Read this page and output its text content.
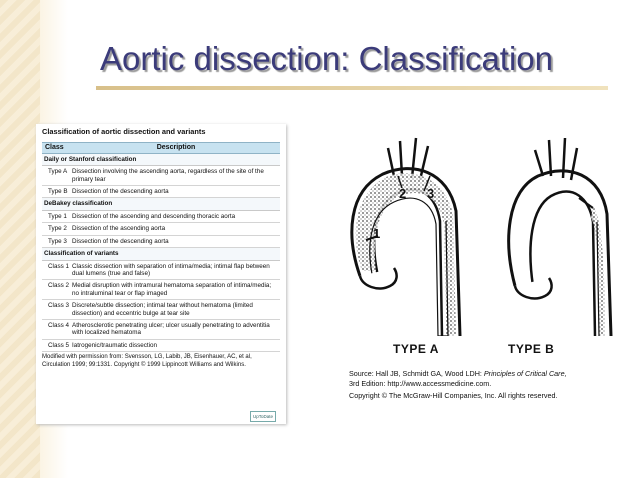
Aortic dissection: Classification
Classification of aortic dissection and variants
Class	Description
Daily or Stanford classification
Type A Dissection involving the ascending aorta, regardless of the site of the primary tear
Type B Dissection of the descending aorta
DeBakey classification
Type 1 Dissection of the ascending and descending thoracic aorta
Type 2 Dissection of the ascending aorta
Type 3 Dissection of the descending aorta
Classification of variants
Class 1 Classic dissection with separation of intima/media; intimal flap between dual lumens (true and false)
Class 2 Medial disruption with intramural hematoma separation of intima/media; no intraluminal tear or flap imaged
Class 3 Discrete/subtle dissection; intimal tear without hematoma (limited dissection) and eccentric bulge at tear site
Class 4 Atherosclerotic penetrating ulcer; ulcer usually penetrating to adventitia with localized hematoma
Class 5 Iatrogenic/traumatic dissection
Modified with permission from: Svensson, LG, Labib, JB, Eisenhauer, AC, et al, Circulation 1999; 99:1331. Copyright © 1999 Lippincott Williams and Wilkins.
UpToDate
2 3
1
TYPE A	TYPE B
Source: Hall JB, Schmidt GA, Wood LDH: Principles of Critical Care,
3rd Edition: http://www.accessmedicine.com.
Copyright © The McGraw-Hill Companies, Inc. All rights reserved.
